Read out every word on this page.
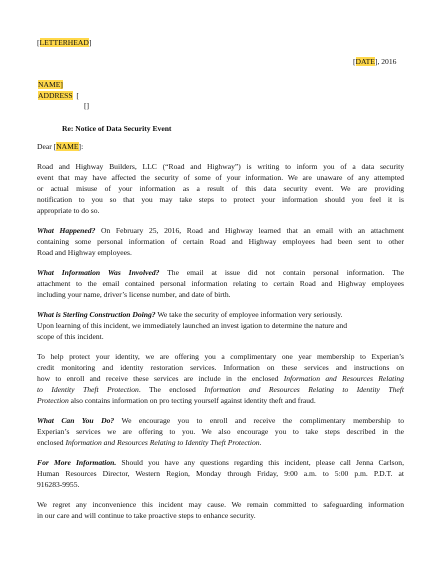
[LETTERHEAD]
[DATE], 2016
NAME]
ADDRESS [
[]
Re: Notice of Data Security Event
Dear [NAME]:
Road and Highway Builders, LLC (“Road and Highway”) is writing to inform you of a data security
event that may have affected the security of some of your information. We are unaware of any attempted
or actual misuse of your information as a result of this data security event. We are providing
notification to you so that you may take steps to protect your information should you feel it is
appropriate to do so.
What Happened? On February 25, 2016, Road and Highway learned that an email with an attachment
containing some personal information of certain Road and Highway employees had been sent to other
Road and Highway employees.
What Information Was Involved? The email at issue did not contain personal information. The
attachment to the email contained personal information relating to certain Road and Highway employees
including your name, driver’s license number, and date of birth.
What is Sterling Construction Doing? We take the security of employee information very seriously.
Upon learning of this incident, we immediately launched an invest igation to determine the nature and
scope of this incident.
To help protect your identity, we are offering you a complimentary one year membership to Experian’s
credit monitoring and identity restoration services. Information on these services and instructions on
how to enroll and receive these services are include in the enclosed Information and Resources Relating
to Identity Theft Protection. The enclosed Information and Resources Relating to Identity Theft
Protection also contains information on pro tecting yourself against identity theft and fraud.
What Can You Do? We encourage you to enroll and receive the complimentary membership to
Experian’s services we are offering to you. We also encourage you to take steps described in the
enclosed Information and Resources Relating to Identity Theft Protection.
For More Information. Should you have any questions regarding this incident, please call Jenna Carlson,
Human Resources Director, Western Region, Monday through Friday, 9:00 a.m. to 5:00 p.m. P.D.T. at
916283-9955.
We regret any inconvenience this incident may cause. We remain committed to safeguarding information
in our care and will continue to take proactive steps to enhance security.
